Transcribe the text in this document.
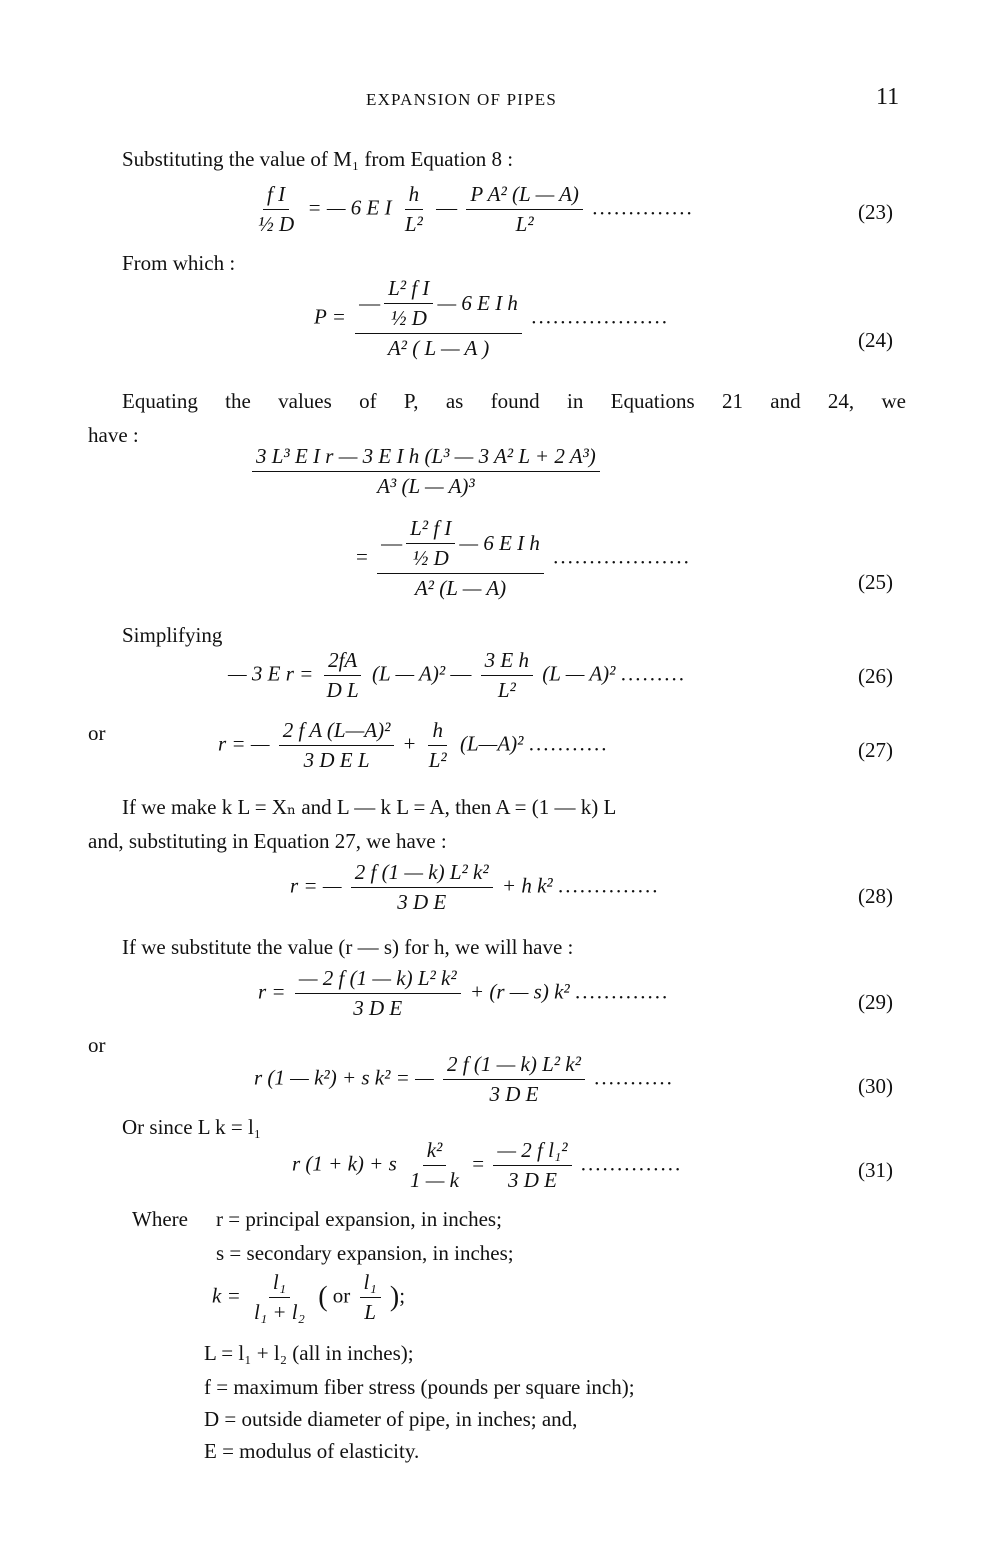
EXPANSION OF PIPES	11
Substituting the value of M₁ from Equation 8 :
$\frac{\text{f I}}{\text{½ D}}$ = — 6 E I $\frac{h}{\text{L²}}$ — $\frac{\text{P A² (L — A)}}{\text{L²}}$ ..............	(23)
From which :
$P = \frac{— \frac{\text{L² f I}}{\text{½ D}} — 6 E I h}{\text{A² ( L — A )}}$ ...................
(24)
Equating the values of P, as found in Equations 21 and 24, we
have :
$\frac{\text{3 L³ E I r — 3 E I h (L³ — 3 A² L + 2 A³)}}{\text{A³ (L — A)³}}$
= $\frac{— \frac{\text{L² f I}}{\text{½ D}} — 6 E I h}{\text{A² (L — A)}}$ ...................
(25)
Simplifying
— 3 E $r = \frac{2fA}{\text{D L}} (L$ — A)² — $\frac{\text{3 E h}}{\text{L²}} (L$ — A)² .........	(26)
or	r = — $\frac{\text{2 f A (L—A)²}}{\text{3 D E L}} + \frac{h}{\text{L²}}$ (L—A)² ...........	(27)
If we make k L = Xₙ and L — k L = A, then A = (1 — k) L
and, substituting in Equation 27, we have :
r = — $\frac{\text{2 f (1 — k) L² k²}}{\text{3 D E}} + h$ k² ..............	(28)
If we substitute the value (r — s) for h, we will have :
$r = \frac{\text{— 2 f (1 — k) L² k²}}{\text{3 D E}} + (r$ — s) k² .............	(29)
or
r (1 — k²) + s k² = — $\frac{\text{2 f (1 — k) L² k²}}{\text{3 D E}}$ ...........	(30)
Or since L k = l₁
r (1 + k) + s $\frac{\text{k²}}{1 — k} = \frac{\text{— 2 f l₁²}}{\text{3 D E}}$ ..............	(31)
Where r = principal expansion, in inches;
s = secondary expansion, in inches;
$k = \frac{\text{l₁}}{\text{l₁ + l₂}}$ ( or $\frac{\text{l₁}}{L}$ );
L = l₁ + l₂ (all in inches);
f = maximum fiber stress (pounds per square inch);
D = outside diameter of pipe, in inches; and,
E = modulus of elasticity.
